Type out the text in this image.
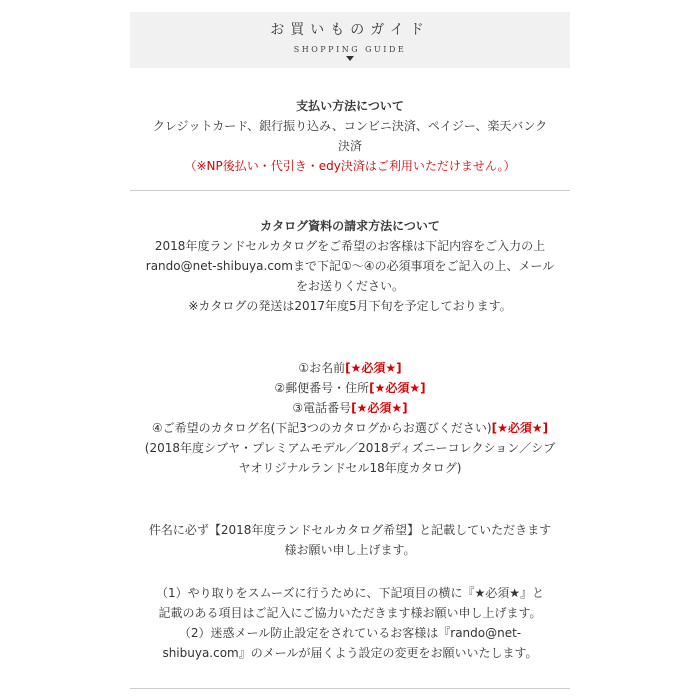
お買いものガイド
SHOPPING GUIDE
支払い方法について
クレジットカード、銀行振り込み、コンビニ決済、ペイジー、楽天バンク
決済
（※NP後払い・代引き・edy決済はご利用いただけません。）
カタログ資料の請求方法について
2018年度ランドセルカタログをご希望のお客様は下記内容をご入力の上
rando@net-shibuya.comまで下記①～④の必須事項をご記入の上、メール
をお送りください。
※カタログの発送は2017年度5月下旬を予定しております。
①お名前[★必須★]
②郵便番号・住所[★必須★]
③電話番号[★必須★]
④ご希望のカタログ名(下記3つのカタログからお選びください)[★必須★]
(2018年度シブヤ・プレミアムモデル／2018ディズニーコレクション／シブ
ヤオリジナルランドセル18年度カタログ)
件名に必ず【2018年度ランドセルカタログ希望】と記載していただきます
様お願い申し上げます。
（1）やり取りをスムーズに行うために、下記項目の横に『★必須★』と
記載のある項目はご記入にご協力いただきます様お願い申し上げます。
（2）迷惑メール防止設定をされているお客様は『rando@net-
shibuya.com』のメールが届くよう設定の変更をお願いいたします。
